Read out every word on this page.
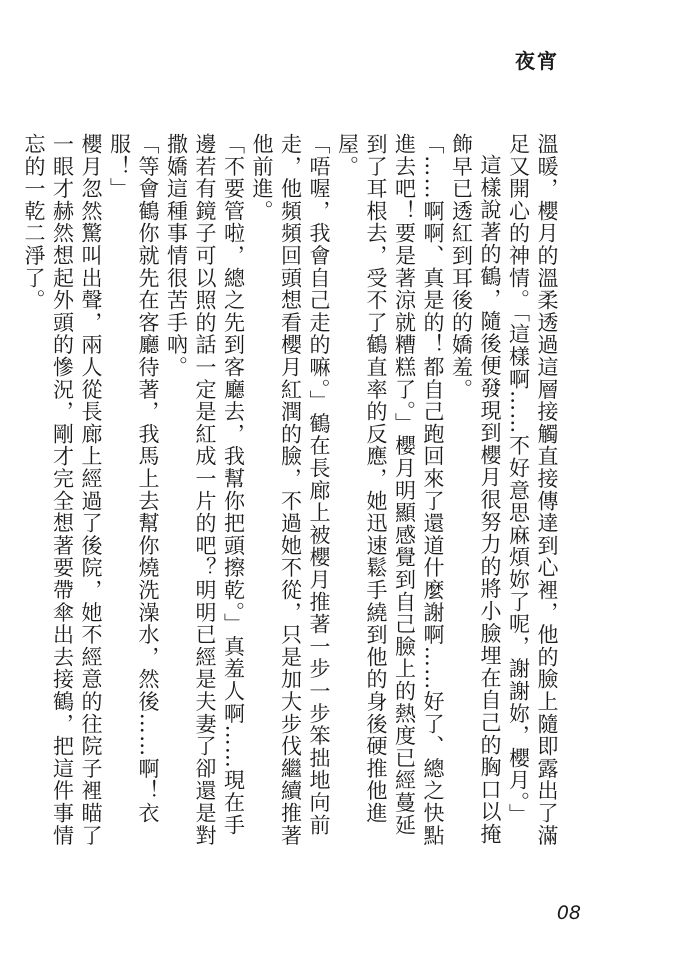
夜宵

溫暖，櫻月的溫柔透過這層接觸直接傳達到心裡，他的臉上隨即露出了滿足又開心的神情。「這樣啊……不好意思麻煩妳了呢，謝謝妳，櫻月。」

這樣說著的鶴，隨後便發現到櫻月很努力的將小臉埋在自己的胸口以掩飾早已透紅到耳後的嬌羞。

「……啊啊、真是的！都自己跑回來了還道什麼謝啊……好了、總之快點進去吧！要是著涼就糟糕了。」櫻月明顯感覺到自己臉上的熱度已經蔓延到了耳根去，受不了鶴直率的反應，她迅速鬆手繞到他的身後硬推他進屋。

「唔喔，我會自己走的嘛。」鶴在長廊上被櫻月推著一步一步笨拙地向前走，他頻頻回頭想看櫻月紅潤的臉，不過她不從，只是加大步伐繼續推著他前進。

「不要管啦，總之先到客廳去，我幫你把頭擦乾。」真羞人啊……現在手邊若有鏡子可以照的話一定是紅成一片的吧？明明已經是夫妻了卻還是對撒嬌這種事情很苦手吶。

「等會鶴你就先在客廳待著，我馬上去幫你燒洗澡水，然後……啊！衣服！」

櫻月忽然驚叫出聲，兩人從長廊上經過了後院，她不經意的往院子裡瞄了一眼才赫然想起外頭的慘況，剛才完全想著要帶傘出去接鶴，把這件事情忘的一乾二淨了。

08
